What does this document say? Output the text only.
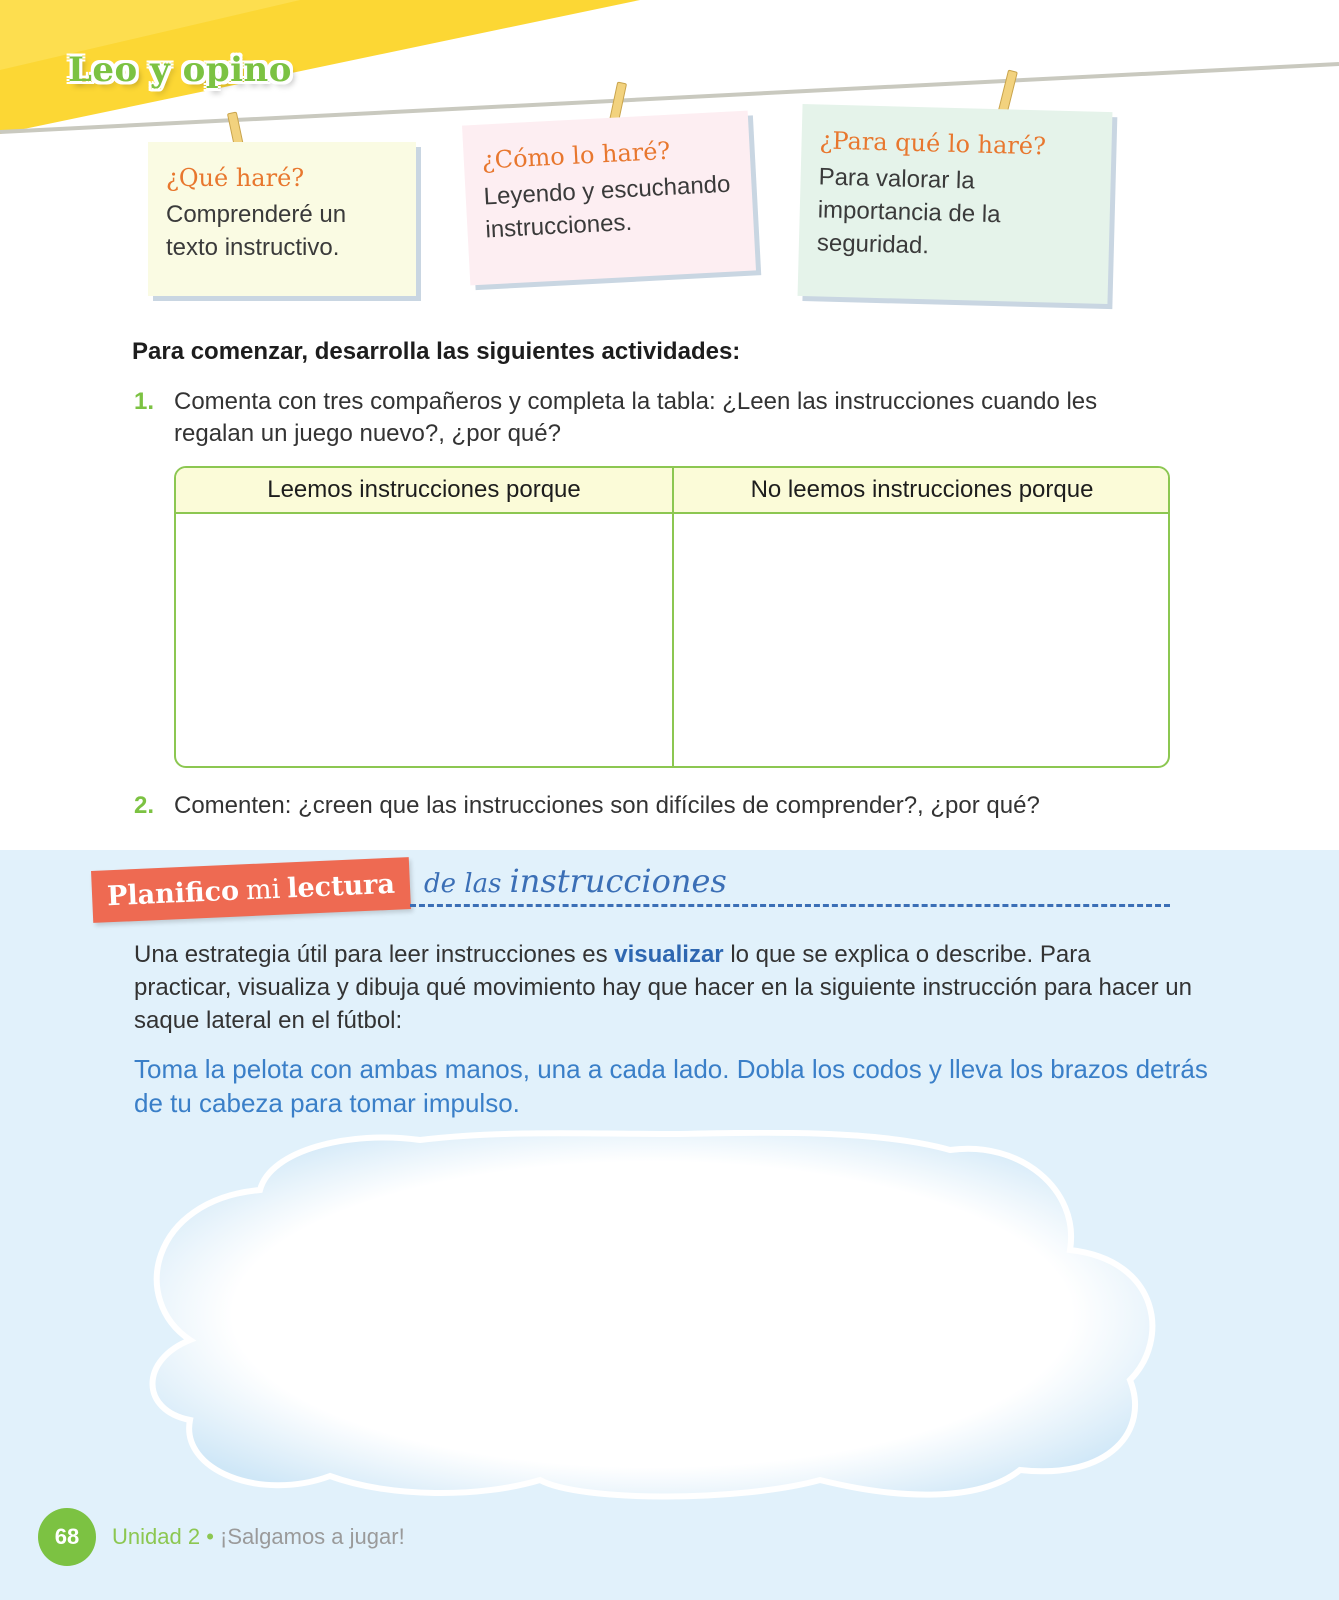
Leo y opino
¿Qué haré?
Comprenderé un texto instructivo.
¿Cómo lo haré?
Leyendo y escuchando instrucciones.
¿Para qué lo haré?
Para valorar la importancia de la seguridad.
Para comenzar, desarrolla las siguientes actividades:
1. Comenta con tres compañeros y completa la tabla: ¿Leen las instrucciones cuando les regalan un juego nuevo?, ¿por qué?
Leemos instrucciones porque	No leemos instrucciones porque
2. Comenten: ¿creen que las instrucciones son difíciles de comprender?, ¿por qué?
Planifico mi lectura de las instrucciones
Una estrategia útil para leer instrucciones es visualizar lo que se explica o describe. Para practicar, visualiza y dibuja qué movimiento hay que hacer en la siguiente instrucción para hacer un saque lateral en el fútbol:
Toma la pelota con ambas manos, una a cada lado. Dobla los codos y lleva los brazos detrás de tu cabeza para tomar impulso.
68	Unidad 2 • ¡Salgamos a jugar!
